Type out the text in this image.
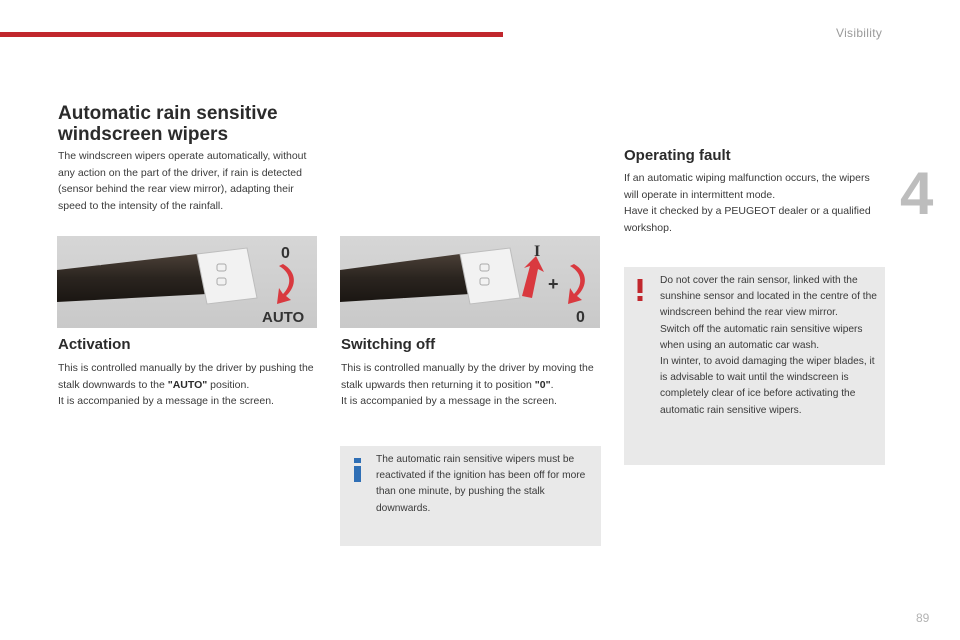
Visibility
4
Automatic rain sensitive windscreen wipers
The windscreen wipers operate automatically, without any action on the part of the driver, if rain is detected (sensor behind the rear view mirror), adapting their speed to the intensity of the rainfall.
⌒
AUTO
0
AUTO
AUTO
I
+
0
Activation
This is controlled manually by the driver by pushing the stalk downwards to the "AUTO" position.
It is accompanied by a message in the screen.
Switching off
This is controlled manually by the driver by moving the stalk upwards then returning it to position "0".
It is accompanied by a message in the screen.
The automatic rain sensitive wipers must be reactivated if the ignition has been off for more than one minute, by pushing the stalk downwards.
Operating fault
If an automatic wiping malfunction occurs, the wipers will operate in intermittent mode.
Have it checked by a PEUGEOT dealer or a qualified workshop.
Do not cover the rain sensor, linked with the sunshine sensor and located in the centre of the windscreen behind the rear view mirror.
Switch off the automatic rain sensitive wipers when using an automatic car wash.
In winter, to avoid damaging the wiper blades, it is advisable to wait until the windscreen is completely clear of ice before activating the automatic rain sensitive wipers.
89
